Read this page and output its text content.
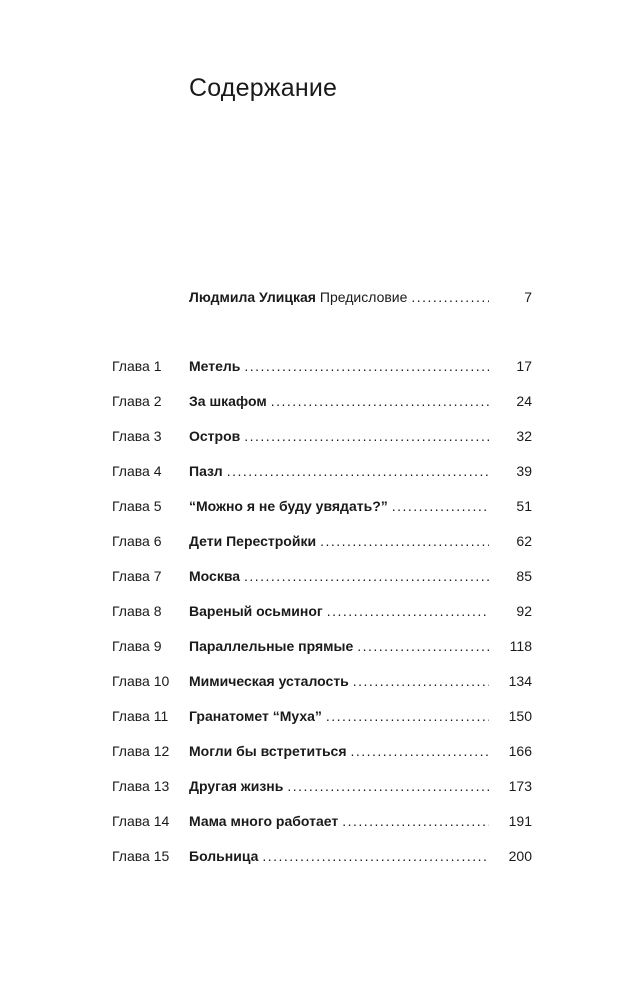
Содержание
Людмила Улицкая Предисловие . . .	7
Глава 1 Метель . . .	17
Глава 2 За шкафом . . .	24
Глава 3 Остров . . .	32
Глава 4 Пазл . . .	39
Глава 5 “Можно я не буду увядать?” . . .	51
Глава 6 Дети Перестройки . . .	62
Глава 7 Москва . . .	85
Глава 8 Вареный осьминог . . .	92
Глава 9 Параллельные прямые . . .	118
Глава 10 Мимическая усталость . . .	134
Глава 11 Гранатомет “Муха” . . .	150
Глава 12 Могли бы встретиться . . .	166
Глава 13 Другая жизнь . . .	173
Глава 14 Мама много работает . . .	191
Глава 15 Больница . . .	200
